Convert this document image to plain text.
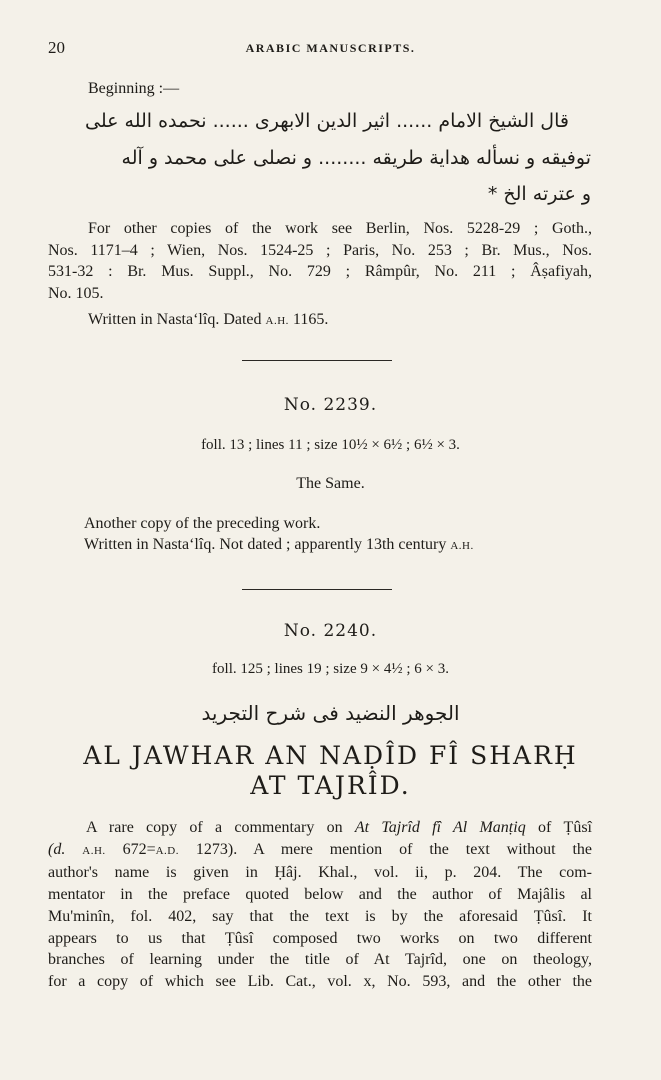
20	ARABIC MANUSCRIPTS.
Beginning :—
قال الشيخ الامام ...... اثير الدين الابهرى ...... نحمده الله على
توفيقه و نسأله هداية طريقه ........ و نصلى على محمد و آله
و عترته الخ *
For other copies of the work see Berlin, Nos. 5228-29 ; Goth.,
Nos. 1171–4 ; Wien, Nos. 1524-25 ; Paris, No. 253 ; Br. Mus., Nos.
531-32 : Br. Mus. Suppl., No. 729 ; Râmpûr, No. 211 ; Âṣafiyah,
No. 105.
Written in Nastaʻlîq. Dated A.H. 1165.
No. 2239.
foll. 13 ; lines 11 ; size 10½ × 6½ ; 6½ × 3.
The Same.
Another copy of the preceding work.
Written in Nastaʻlîq. Not dated ; apparently 13th century A.H.
No. 2240.
foll. 125 ; lines 19 ; size 9 × 4½ ; 6 × 3.
الجوهر النضيد فى شرح التجريد
AL JAWHAR AN NAḌÎD FÎ SHARḤ
AT TAJRÎD.
A rare copy of a commentary on At Tajrîd fî Al Manṭiq of Ṭûsî
(d. A.H. 672=A.D. 1273). A mere mention of the text without the
author's name is given in Ḥâj. Khal., vol. ii, p. 204. The com-
mentator in the preface quoted below and the author of Majâlis al
Mu'minîn, fol. 402, say that the text is by the aforesaid Ṭûsî. It
appears to us that Ṭûsî composed two works on two different
branches of learning under the title of At Tajrîd, one on theology,
for a copy of which see Lib. Cat., vol. x, No. 593, and the other the
